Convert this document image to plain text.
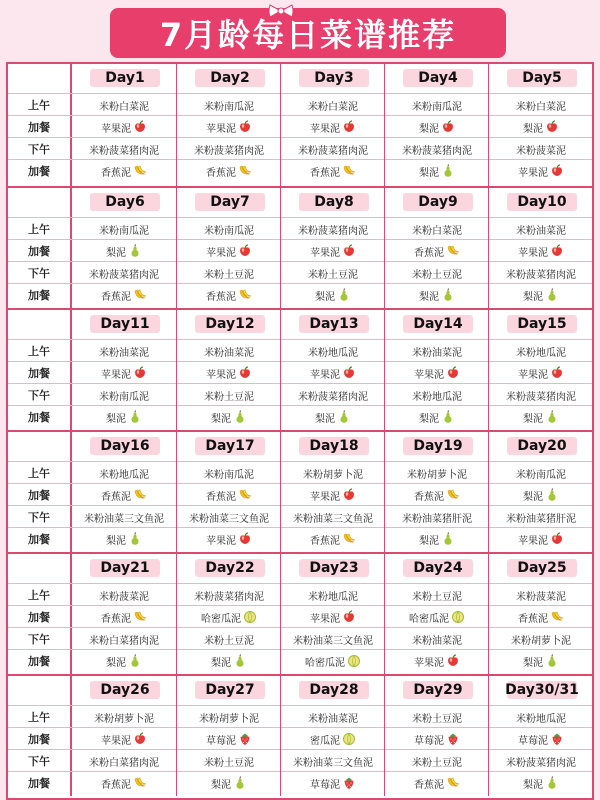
7月龄每日菜谱推荐
上午
加餐
下午
加餐
Day1
米粉白菜泥
苹果泥
米粉菠菜猪肉泥
香蕉泥
Day2
米粉南瓜泥
苹果泥
米粉菠菜猪肉泥
香蕉泥
Day3
米粉白菜泥
苹果泥
米粉菠菜猪肉泥
香蕉泥
Day4
米粉南瓜泥
梨泥
米粉菠菜猪肉泥
梨泥
Day5
米粉白菜泥
梨泥
米粉菠菜泥
苹果泥
上午
加餐
下午
加餐
Day6
米粉南瓜泥
梨泥
米粉菠菜猪肉泥
香蕉泥
Day7
米粉南瓜泥
苹果泥
米粉土豆泥
香蕉泥
Day8
米粉菠菜猪肉泥
苹果泥
米粉土豆泥
梨泥
Day9
米粉白菜泥
香蕉泥
米粉土豆泥
梨泥
Day10
米粉油菜泥
苹果泥
米粉菠菜猪肉泥
梨泥
上午
加餐
下午
加餐
Day11
米粉油菜泥
苹果泥
米粉南瓜泥
梨泥
Day12
米粉油菜泥
苹果泥
米粉土豆泥
梨泥
Day13
米粉地瓜泥
苹果泥
米粉菠菜猪肉泥
梨泥
Day14
米粉油菜泥
苹果泥
米粉地瓜泥
梨泥
Day15
米粉地瓜泥
苹果泥
米粉菠菜猪肉泥
梨泥
上午
加餐
下午
加餐
Day16
米粉地瓜泥
香蕉泥
米粉油菜三文鱼泥
梨泥
Day17
米粉南瓜泥
香蕉泥
米粉油菜三文鱼泥
苹果泥
Day18
米粉胡萝卜泥
苹果泥
米粉油菜三文鱼泥
香蕉泥
Day19
米粉胡萝卜泥
香蕉泥
米粉油菜猪肝泥
梨泥
Day20
米粉南瓜泥
梨泥
米粉油菜猪肝泥
苹果泥
上午
加餐
下午
加餐
Day21
米粉菠菜泥
香蕉泥
米粉白菜猪肉泥
梨泥
Day22
米粉菠菜猪肉泥
哈密瓜泥
米粉土豆泥
梨泥
Day23
米粉地瓜泥
苹果泥
米粉油菜三文鱼泥
哈密瓜泥
Day24
米粉土豆泥
哈密瓜泥
米粉油菜泥
苹果泥
Day25
米粉菠菜泥
香蕉泥
米粉胡萝卜泥
梨泥
上午
加餐
下午
加餐
Day26
米粉胡萝卜泥
苹果泥
米粉白菜猪肉泥
香蕉泥
Day27
米粉胡萝卜泥
草莓泥
米粉土豆泥
梨泥
Day28
米粉油菜泥
密瓜泥
米粉油菜三文鱼泥
草莓泥
Day29
米粉土豆泥
草莓泥
米粉土豆泥
香蕉泥
Day30/31
米粉地瓜泥
草莓泥
米粉菠菜猪肉泥
梨泥
